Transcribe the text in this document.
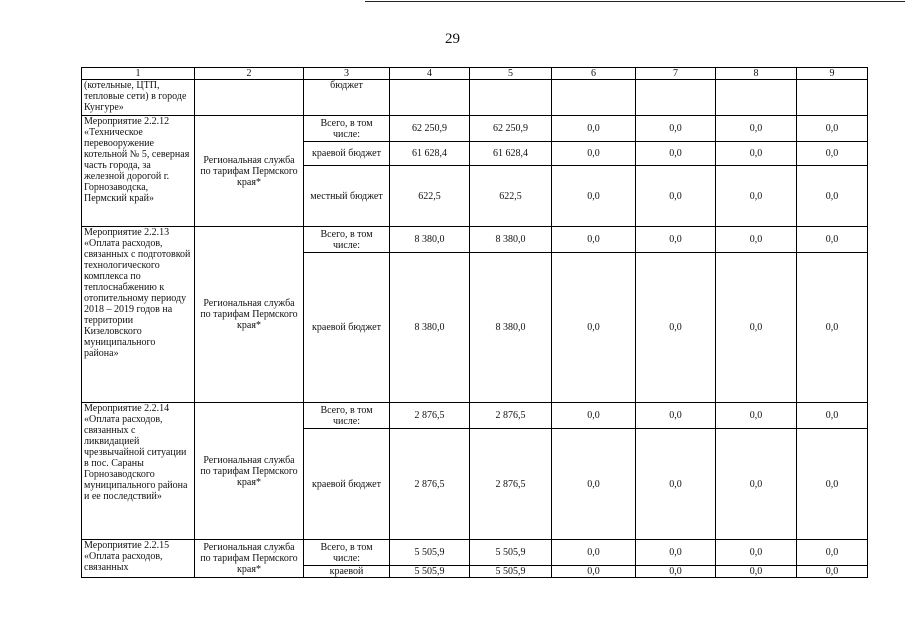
29
1	2	3	4	5	6	7	8	9
(котельные, ЦТП, тепловые сети) в городе Кунгуре»		бюджет						
Мероприятие 2.2.12 «Техническое перевооружение котельной № 5, северная часть города, за железной дорогой г. Горнозаводска, Пермский край»	Региональная служба по тарифам Пермского края*	Всего, в том числе:	62 250,9	62 250,9	0,0	0,0	0,0	0,0
		краевой бюджет	61 628,4	61 628,4	0,0	0,0	0,0	0,0
		местный бюджет	622,5	622,5	0,0	0,0	0,0	0,0
Мероприятие 2.2.13 «Оплата расходов, связанных с подготовкой технологического комплекса по теплоснабжению к отопительному периоду 2018 – 2019 годов на территории Кизеловского муниципального района»	Региональная служба по тарифам Пермского края*	Всего, в том числе:	8 380,0	8 380,0	0,0	0,0	0,0	0,0
		краевой бюджет	8 380,0	8 380,0	0,0	0,0	0,0	0,0
Мероприятие 2.2.14 «Оплата расходов, связанных с ликвидацией чрезвычайной ситуации в пос. Сараны Горнозаводского муниципального района и ее последствий»	Региональная служба по тарифам Пермского края*	Всего, в том числе:	2 876,5	2 876,5	0,0	0,0	0,0	0,0
		краевой бюджет	2 876,5	2 876,5	0,0	0,0	0,0	0,0
Мероприятие 2.2.15 «Оплата расходов, связанных	Региональная служба по тарифам Пермского края*	Всего, в том числе:	5 505,9	5 505,9	0,0	0,0	0,0	0,0
		краевой	5 505,9	5 505,9	0,0	0,0	0,0	0,0
